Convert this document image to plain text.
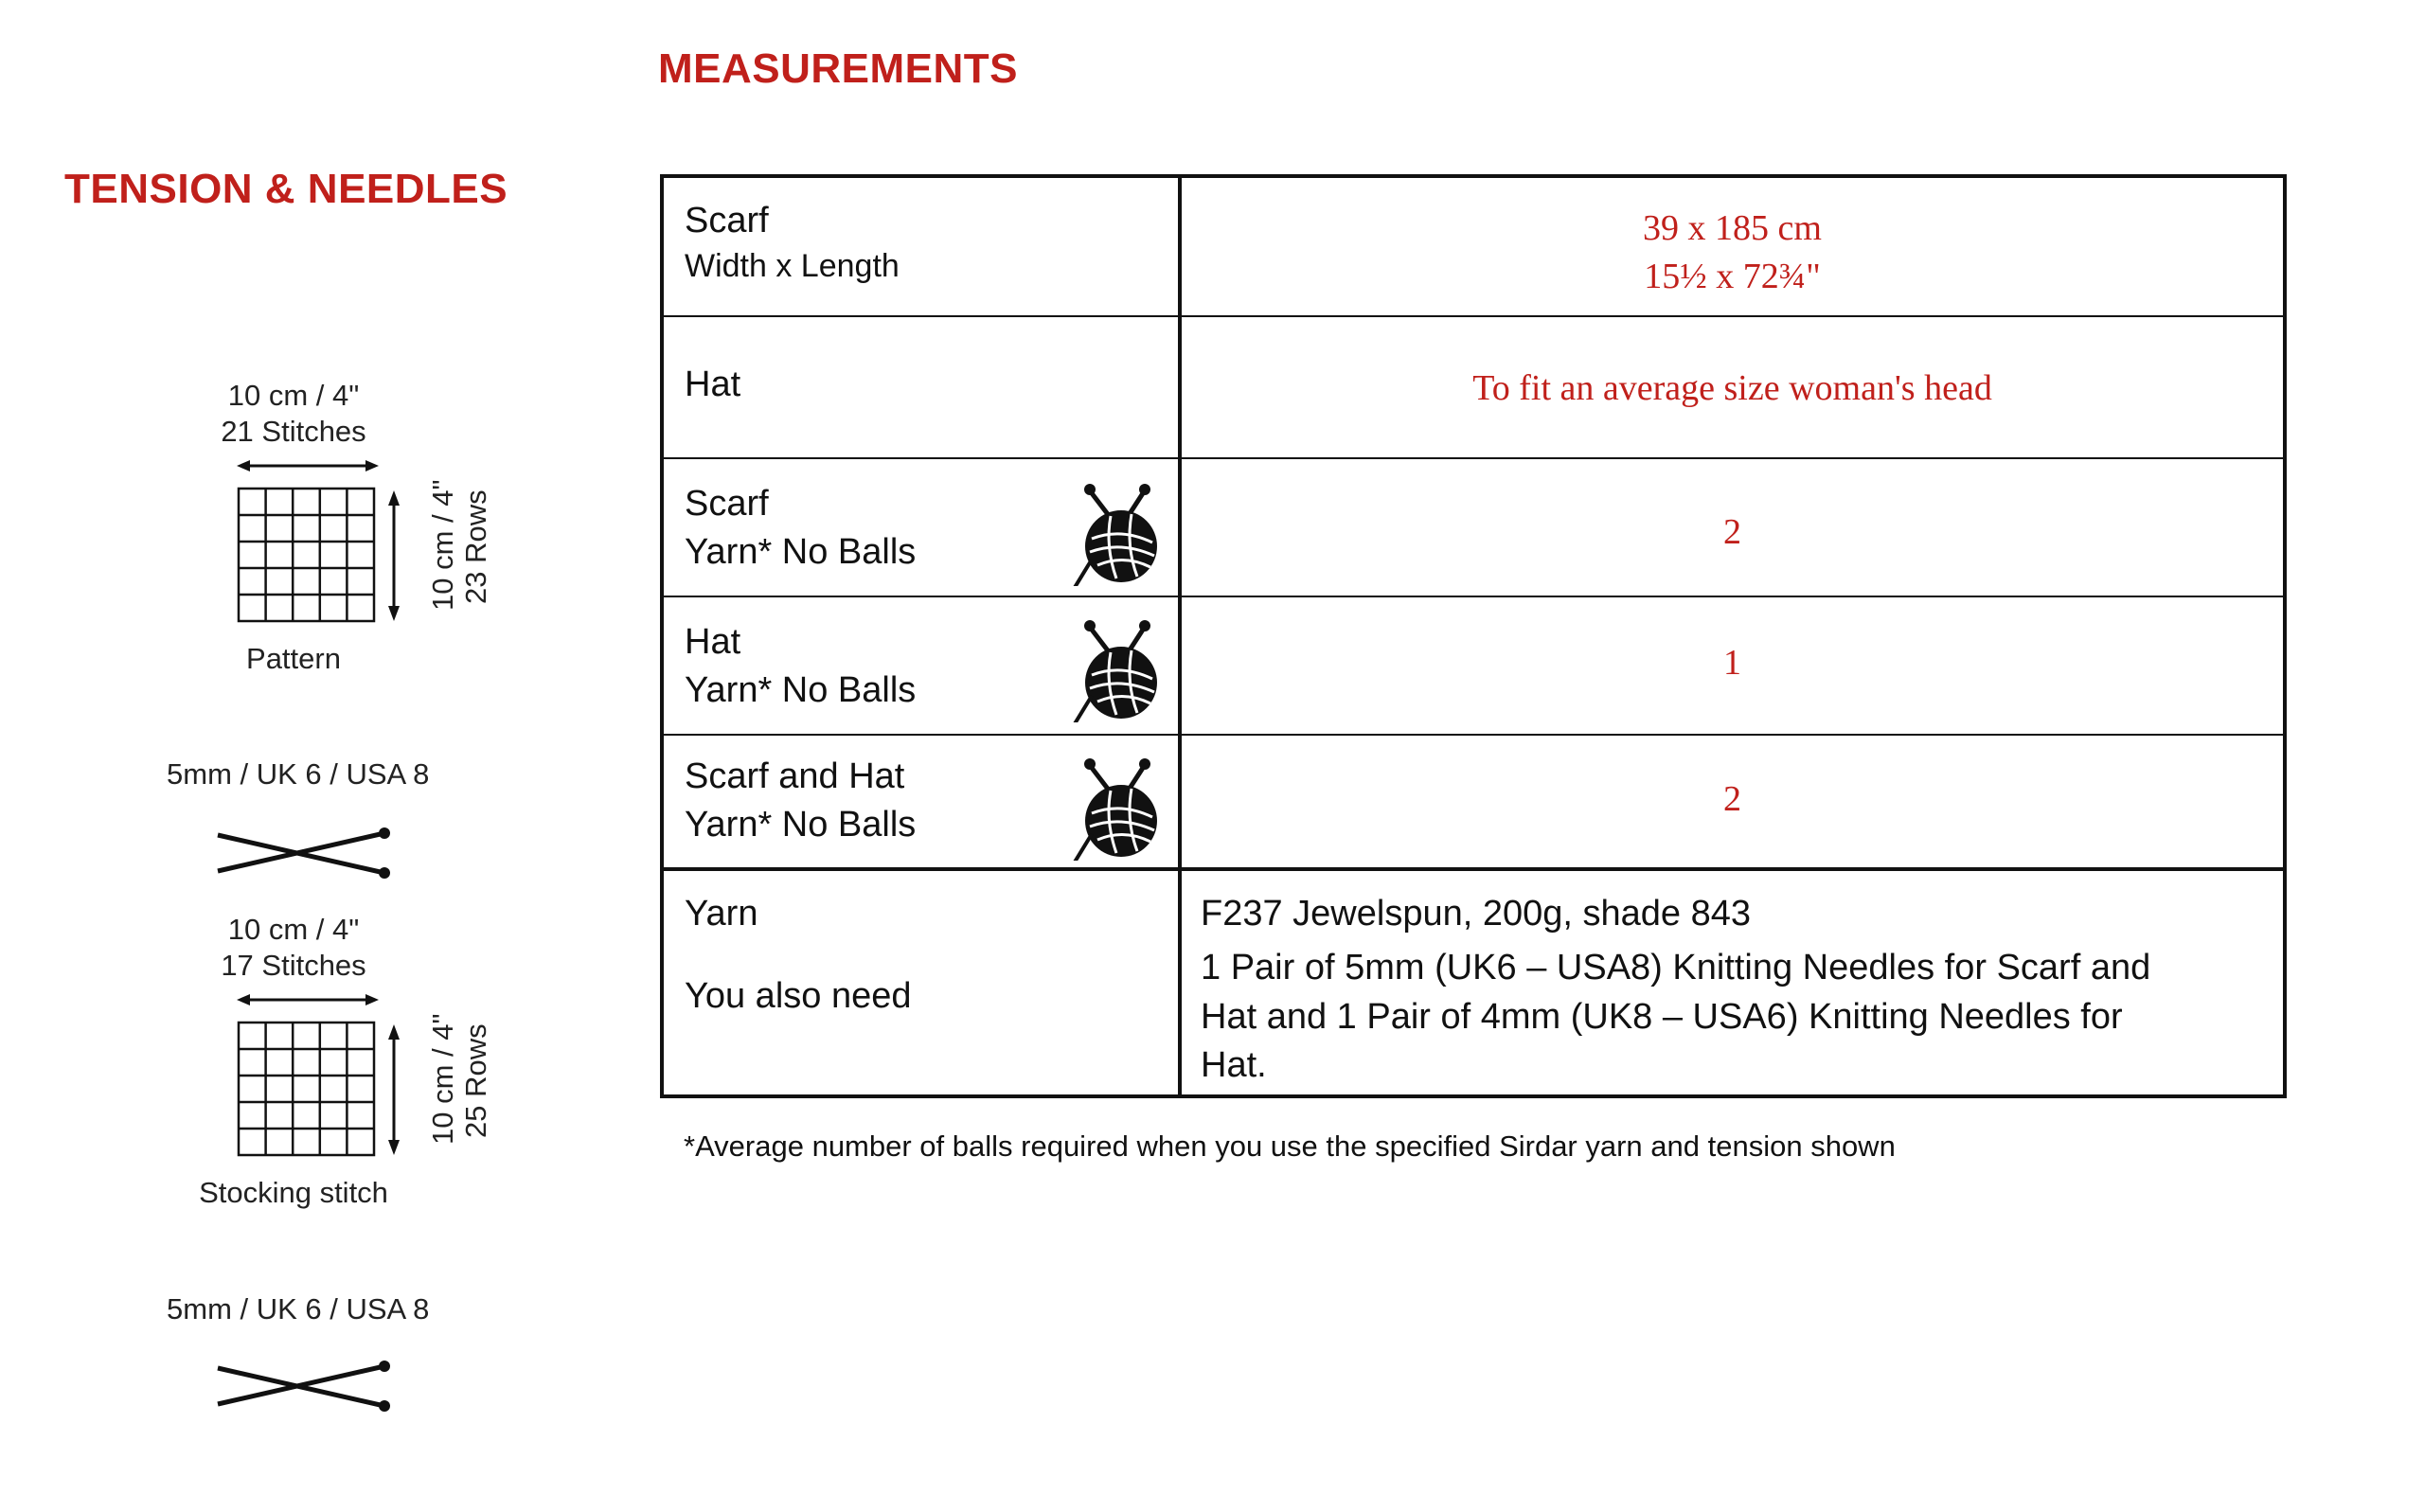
MEASUREMENTS
TENSION & NEEDLES
10 cm / 4"
21 Stitches
10 cm / 4" 23 Rows
Pattern
5mm / UK 6 / USA 8
10 cm / 4"
17 Stitches
10 cm / 4" 25 Rows
Stocking stitch
5mm / UK 6 / USA 8
Scarf
Width x Length
39 x 185 cm
15½ x 72¾"
Hat	To fit an average size woman's head
Scarf
Yarn* No Balls
2
Hat
Yarn* No Balls
1
Scarf and Hat
Yarn* No Balls
2
Yarn
You also need
F237 Jewelspun, 200g, shade 843
1 Pair of 5mm (UK6 – USA8) Knitting Needles for Scarf and Hat and 1 Pair of 4mm (UK8 – USA6) Knitting Needles for Hat.
*Average number of balls required when you use the specified Sirdar yarn and tension shown
